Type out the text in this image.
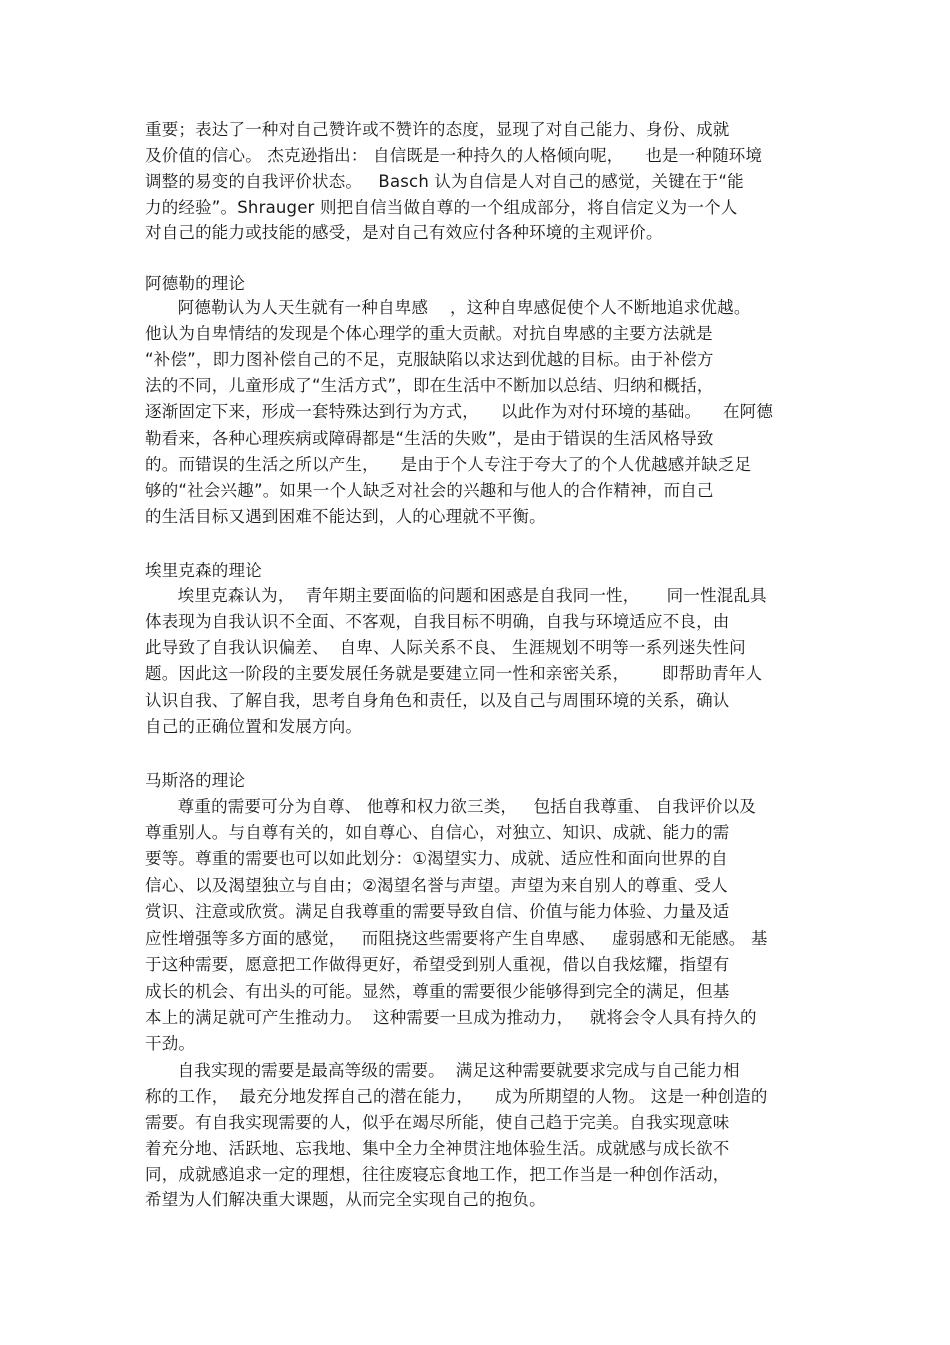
重要；表达了一种对自己赞许或不赞许的态度，显现了对自己能力、身份、成就
及价值的信心。 杰克逊指出： 自信既是一种持久的人格倾向呢，    也是一种随环境
调整的易变的自我评价状态。   Basch 认为自信是人对自己的感觉，关键在于“能
力的经验”。Shrauger 则把自信当做自尊的一个组成部分，将自信定义为一个人
对自己的能力或技能的感受，是对自己有效应付各种环境的主观评价。
阿德勒的理论
阿德勒认为人天生就有一种自卑感    ，这种自卑感促使个人不断地追求优越。
他认为自卑情结的发现是个体心理学的重大贡献。对抗自卑感的主要方法就是
“补偿”，即力图补偿自己的不足，克服缺陷以求达到优越的目标。由于补偿方
法的不同，儿童形成了“生活方式”，即在生活中不断加以总结、归纳和概括，
逐渐固定下来，形成一套特殊达到行为方式，    以此作为对付环境的基础。    在阿德
勒看来，各种心理疾病或障碍都是“生活的失败”，是由于错误的生活风格导致
的。而错误的生活之所以产生，    是由于个人专注于夸大了的个人优越感并缺乏足
够的“社会兴趣”。如果一个人缺乏对社会的兴趣和与他人的合作精神，而自己
的生活目标又遇到困难不能达到，人的心理就不平衡。
埃里克森的理论
埃里克森认为，  青年期主要面临的问题和困惑是自我同一性，     同一性混乱具
体表现为自我认识不全面、不客观，自我目标不明确，自我与环境适应不良，由
此导致了自我认识偏差、  自卑、人际关系不良、 生涯规划不明等一系列迷失性问
题。因此这一阶段的主要发展任务就是要建立同一性和亲密关系，      即帮助青年人
认识自我、了解自我，思考自身角色和责任，以及自己与周围环境的关系，确认
自己的正确位置和发展方向。
马斯洛的理论
尊重的需要可分为自尊、 他尊和权力欲三类，   包括自我尊重、 自我评价以及
尊重别人。与自尊有关的，如自尊心、自信心，对独立、知识、成就、能力的需
要等。尊重的需要也可以如此划分：①渴望实力、成就、适应性和面向世界的自
信心、以及渴望独立与自由；②渴望名誉与声望。声望为来自别人的尊重、受人
赏识、注意或欣赏。满足自我尊重的需要导致自信、价值与能力体验、力量及适
应性增强等多方面的感觉，   而阻挠这些需要将产生自卑感、   虚弱感和无能感。 基
于这种需要，愿意把工作做得更好，希望受到别人重视，借以自我炫耀，指望有
成长的机会、有出头的可能。显然，尊重的需要很少能够得到完全的满足，但基
本上的满足就可产生推动力。  这种需要一旦成为推动力，   就将会令人具有持久的
干劲。
自我实现的需要是最高等级的需要。  满足这种需要就要求完成与自己能力相
称的工作，  最充分地发挥自己的潜在能力，    成为所期望的人物。 这是一种创造的
需要。有自我实现需要的人，似乎在竭尽所能，使自己趋于完美。自我实现意味
着充分地、活跃地、忘我地、集中全力全神贯注地体验生活。成就感与成长欲不
同，成就感追求一定的理想，往往废寝忘食地工作，把工作当是一种创作活动，
希望为人们解决重大课题，从而完全实现自己的抱负。
